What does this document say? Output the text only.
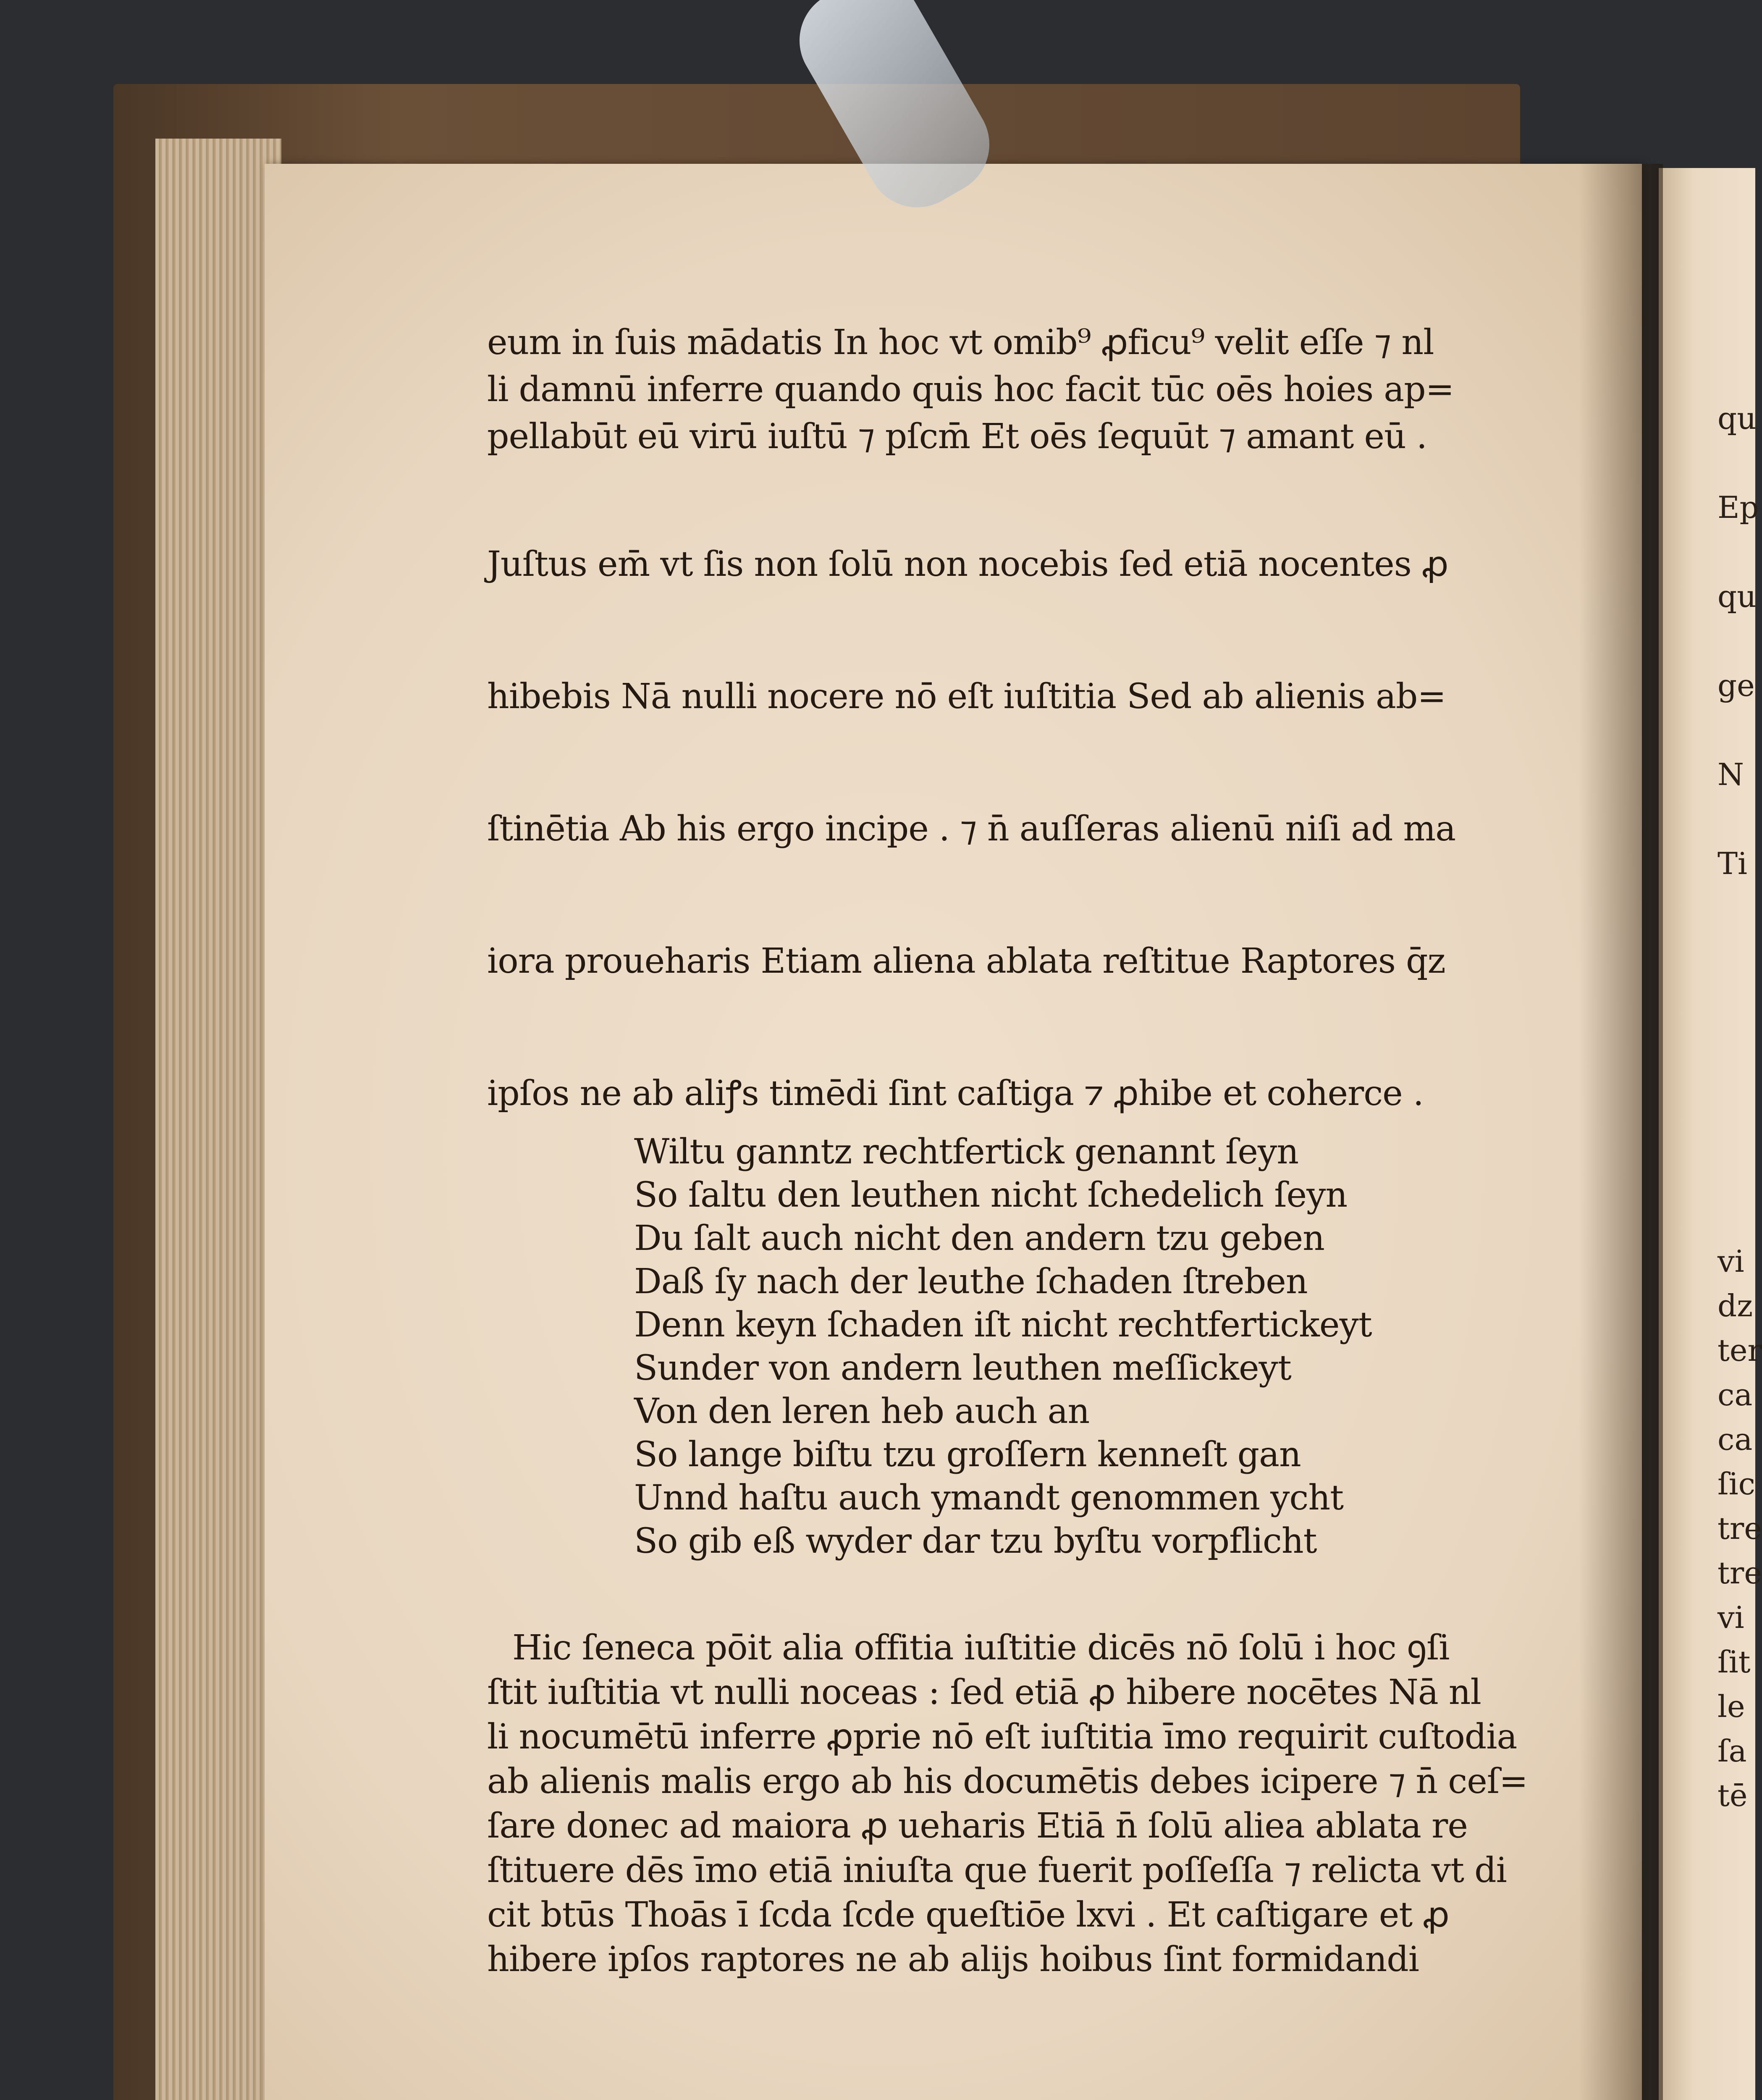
eum in ſuis mādatis In hoc vt omib⁹ ꝓficu⁹ velit eſſe ⁊ nl
li damnū inferre quando quis hoc facit tūc oēs hoies ap=
pellabūt eū virū iuſtū ⁊ pſcm̄ Et oēs ſequūt ⁊ amant eū .
Juſtus em̄ vt ſis non ſolū non nocebis ſed etiā nocentes ꝓ
hibebis Nā nulli nocere nō eſt iuſtitia Sed ab alienis ab=
ſtinētia Ab his ergo incipe . ⁊ n̄ auſſeras alienū niſi ad ma
iora proueharis Etiam aliena ablata reſtitue Raptores q̄z
ipſos ne ab aliꝭs timēdi ſint caſtiga ⁊ ꝓhibe et coherce .
Wiltu ganntz rechtfertick genannt ſeyn
So ſaltu den leuthen nicht ſchedelich ſeyn
Du ſalt auch nicht den andern tzu geben
Daß ſy nach der leuthe ſchaden ſtreben
Denn keyn ſchaden iſt nicht rechtfertickeyt
Sunder von andern leuthen meſſickeyt
Von den leren heb auch an
So lange biſtu tzu groſſern kenneſt gan
Unnd haſtu auch ymandt genommen ycht
So gib eß wyder dar tzu byſtu vorpflicht
Hic ſeneca pōit alia offitia iuſtitie dicēs nō ſolū i hoc ꝯſi
ſtit iuſtitia vt nulli noceas : ſed etiā ꝓ hibere nocētes Nā nl
li nocumētū inferre ꝓprie nō eſt iuſtitia īmo requirit cuſtodia
ab alienis malis ergo ab his documētis debes icipere ⁊ n̄ ceſ=
ſare donec ad maiora ꝓ ueharis Etiā n̄ ſolū aliea ablata re
ſtituere dēs īmo etiā iniuſta que fuerit poſſeſſa ⁊ relicta vt di
cit btūs Thoās ī ſcda ſcde queſtiōe lxvi . Et caſtigare et ꝓ
hibere ipſos raptores ne ab alijs hoibus ſint formidandi
qu
Ep
qu
ge
N
Ti
vi
dz
ter
ca
ca
ſic
tre
tre
vi
ſit
le
ſa
tē
